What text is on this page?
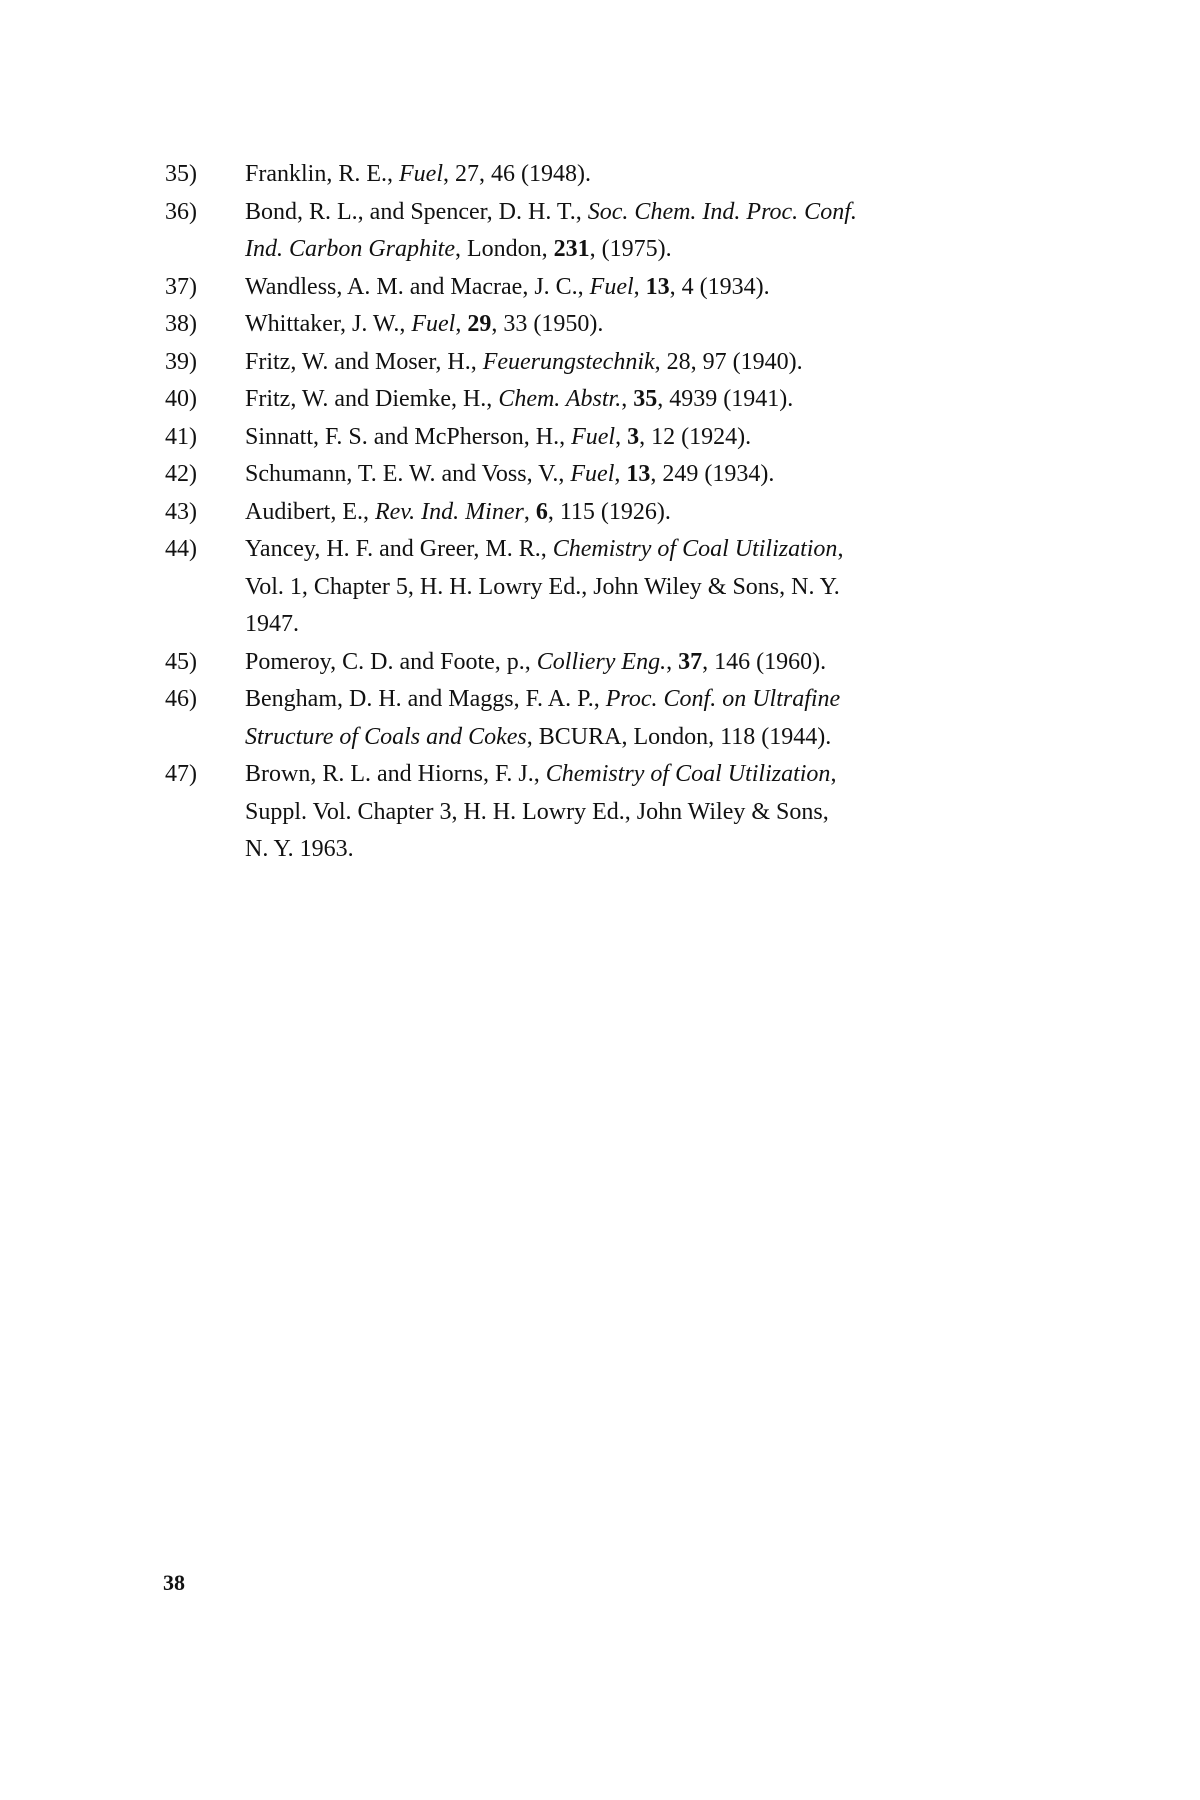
35) Franklin, R. E., Fuel, 27, 46 (1948).
36) Bond, R. L., and Spencer, D. H. T., Soc. Chem. Ind. Proc. Conf.
Ind. Carbon Graphite, London, 231, (1975).
37) Wandless, A. M. and Macrae, J. C., Fuel, 13, 4 (1934).
38) Whittaker, J. W., Fuel, 29, 33 (1950).
39) Fritz, W. and Moser, H., Feuerungstechnik, 28, 97 (1940).
40) Fritz, W. and Diemke, H., Chem. Abstr., 35, 4939 (1941).
41) Sinnatt, F. S. and McPherson, H., Fuel, 3, 12 (1924).
42) Schumann, T. E. W. and Voss, V., Fuel, 13, 249 (1934).
43) Audibert, E., Rev. Ind. Miner, 6, 115 (1926).
44) Yancey, H. F. and Greer, M. R., Chemistry of Coal Utilization,
Vol. 1, Chapter 5, H. H. Lowry Ed., John Wiley & Sons, N. Y.
1947.
45) Pomeroy, C. D. and Foote, p., Colliery Eng., 37, 146 (1960).
46) Bengham, D. H. and Maggs, F. A. P., Proc. Conf. on Ultrafine
Structure of Coals and Cokes, BCURA, London, 118 (1944).
47) Brown, R. L. and Hiorns, F. J., Chemistry of Coal Utilization,
Suppl. Vol. Chapter 3, H. H. Lowry Ed., John Wiley & Sons,
N. Y. 1963.
38
